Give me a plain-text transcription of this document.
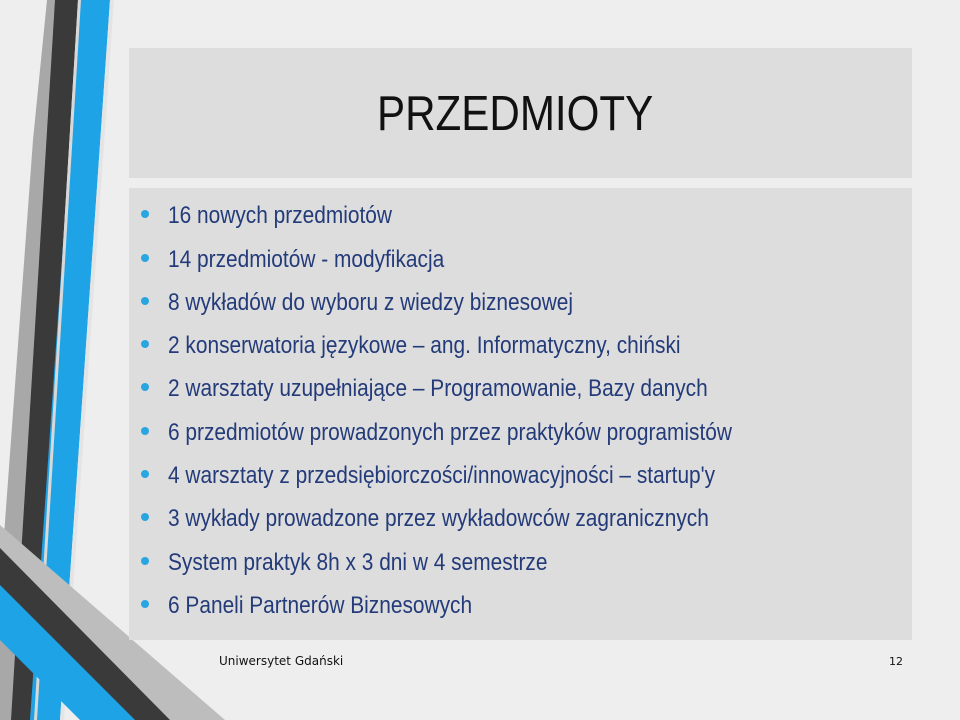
PRZEDMIOTY
16 nowych przedmiotów
14 przedmiotów - modyfikacja
8 wykładów do wyboru z wiedzy biznesowej
2 konserwatoria językowe – ang. Informatyczny, chiński
2 warsztaty uzupełniające – Programowanie, Bazy danych
6 przedmiotów prowadzonych przez praktyków programistów
4 warsztaty z przedsiębiorczości/innowacyjności – startup'y
3 wykłady prowadzone przez wykładowców zagranicznych
System praktyk 8h x 3 dni w 4 semestrze
6 Paneli Partnerów Biznesowych
Uniwersytet Gdański	12
